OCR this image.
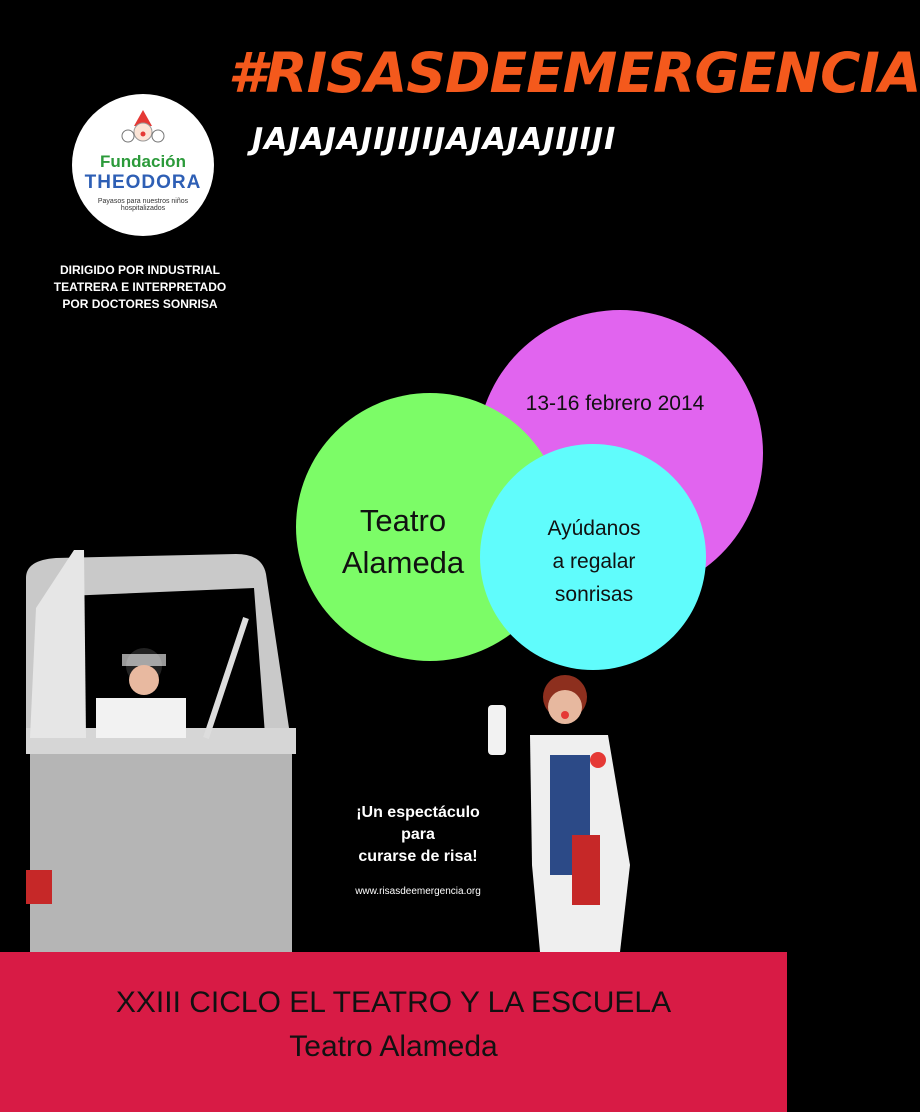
#RISASDEEMERGENCIA
JAJAJAJIJIJIJAJAJAJIJIJI
Fundación
THEODORA
Payasos para nuestros niños hospitalizados
DIRIGIDO POR INDUSTRIAL
TEATRERA E INTERPRETADO
POR DOCTORES SONRISA
13-16 febrero 2014
Teatro
Alameda
Ayúdanos
a regalar
sonrisas
¡Un espectáculo
para
curarse de risa!
www.risasdeemergencia.org
XXIII CICLO EL TEATRO Y LA ESCUELA
Teatro Alameda
